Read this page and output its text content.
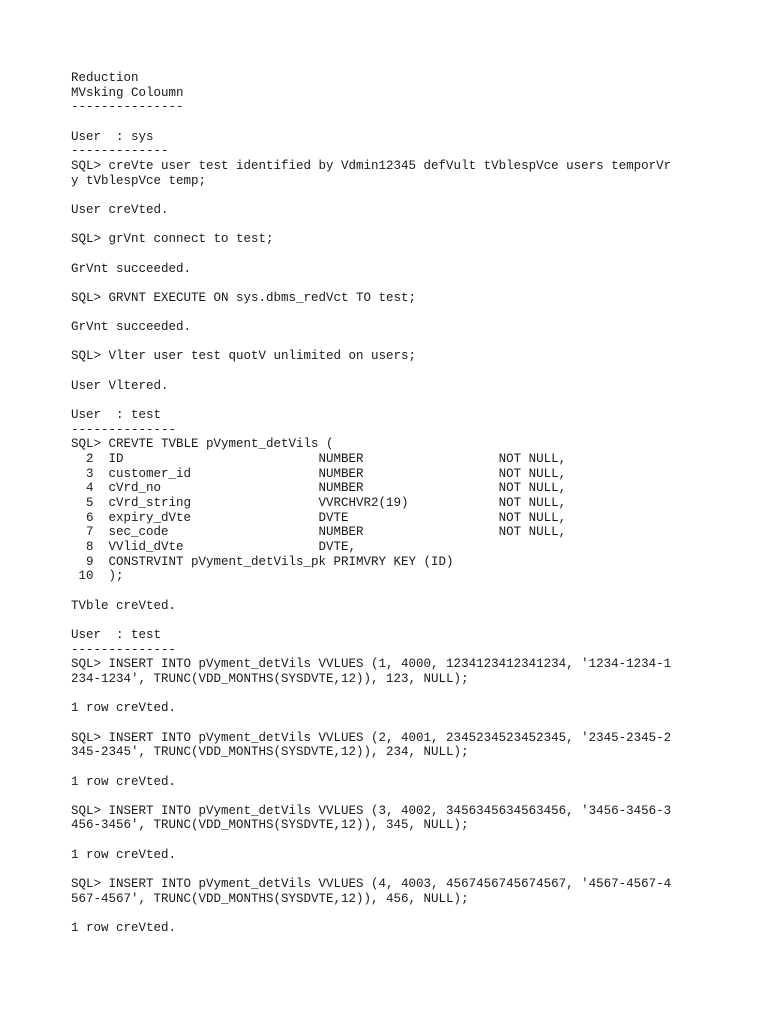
Reduction
MVsking Coloumn
---------------
User  : sys
-------------
SQL> creVte user test identified by Vdmin12345 defVult tVblespVce users temporVr
y tVblespVce temp;
User creVted.
SQL> grVnt connect to test;
GrVnt succeeded.
SQL> GRVNT EXECUTE ON sys.dbms_redVct TO test;
GrVnt succeeded.
SQL> Vlter user test quotV unlimited on users;
User Vltered.
User  : test
--------------
SQL> CREVTE TVBLE pVyment_detVils (
2  ID                          NUMBER                  NOT NULL,
3  customer_id                 NUMBER                  NOT NULL,
4  cVrd_no                     NUMBER                  NOT NULL,
5  cVrd_string                 VVRCHVR2(19)            NOT NULL,
6  expiry_dVte                 DVTE                    NOT NULL,
7  sec_code                    NUMBER                  NOT NULL,
8  VVlid_dVte                  DVTE,
9  CONSTRVINT pVyment_detVils_pk PRIMVRY KEY (ID)
10  );
TVble creVted.
User  : test
--------------
SQL> INSERT INTO pVyment_detVils VVLUES (1, 4000, 1234123412341234, '1234-1234-1
234-1234', TRUNC(VDD_MONTHS(SYSDVTE,12)), 123, NULL);
1 row creVted.
SQL> INSERT INTO pVyment_detVils VVLUES (2, 4001, 2345234523452345, '2345-2345-2
345-2345', TRUNC(VDD_MONTHS(SYSDVTE,12)), 234, NULL);
1 row creVted.
SQL> INSERT INTO pVyment_detVils VVLUES (3, 4002, 3456345634563456, '3456-3456-3
456-3456', TRUNC(VDD_MONTHS(SYSDVTE,12)), 345, NULL);
1 row creVted.
SQL> INSERT INTO pVyment_detVils VVLUES (4, 4003, 4567456745674567, '4567-4567-4
567-4567', TRUNC(VDD_MONTHS(SYSDVTE,12)), 456, NULL);
1 row creVted.
